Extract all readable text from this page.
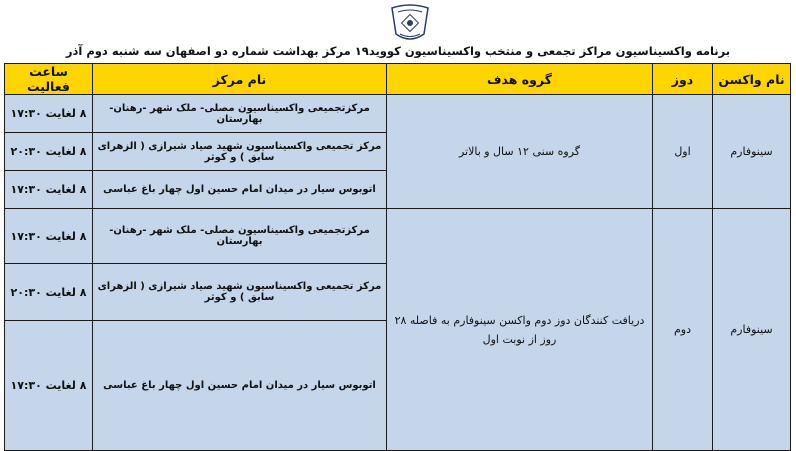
برنامه واکسیناسیون مراکز تجمعی و منتخب واکسیناسیون کووید۱۹ مرکز بهداشت شماره دو اصفهان سه شنبه دوم آذر
نام واکسن	دوز	گروه هدف	نام مرکز	ساعت فعالیت
سینوفارم	اول	گروه سنی ۱۲ سال و بالاتر	مرکزتجمیعی واکسیناسیون مصلی- ملک شهر -رهنان- بهارستان	۸ لغایت ۱۷:۳۰
			مرکز تجمیعی واکسیناسیون شهید صیاد شیرازی ( الزهرای سابق ) و کوثر	۸ لغایت ۲۰:۳۰
			اتوبوس سیار در میدان امام حسین اول چهار باغ عباسی	۸ لغایت ۱۷:۳۰
سینوفارم	دوم	دریافت کنندگان دوز دوم واکسن سینوفارم به فاصله ۲۸ روز از نوبت اول	مرکزتجمیعی واکسیناسیون مصلی- ملک شهر -رهنان- بهارستان	۸ لغایت ۱۷:۳۰
			مرکز تجمیعی واکسیناسیون شهید صیاد شیرازی ( الزهرای سابق ) و کوثر	۸ لغایت ۲۰:۳۰
			اتوبوس سیار در میدان امام حسین اول چهار باغ عباسی	۸ لغایت ۱۷:۳۰
